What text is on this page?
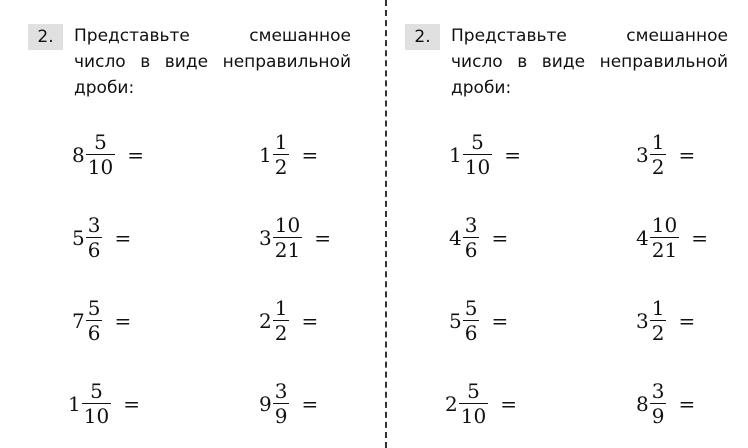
2.	Представьте смешанное число в виде неправильной дроби:
$8 \frac{5}{10}$ =	$1 \frac{1}{2}$ =
$5 \frac{3}{6}$ =	$3 \frac{10}{21}$ =
$7 \frac{5}{6}$ =	$2 \frac{1}{2}$ =
$1 \frac{5}{10}$ =	$9 \frac{3}{9}$ =
2.	Представьте смешанное число в виде неправильной дроби:
$1 \frac{5}{10}$ =	$3 \frac{1}{2}$ =
$4 \frac{3}{6}$ =	$4 \frac{10}{21}$ =
$5 \frac{5}{6}$ =	$3 \frac{1}{2}$ =
$2 \frac{5}{10}$ =	$8 \frac{3}{9}$ =
